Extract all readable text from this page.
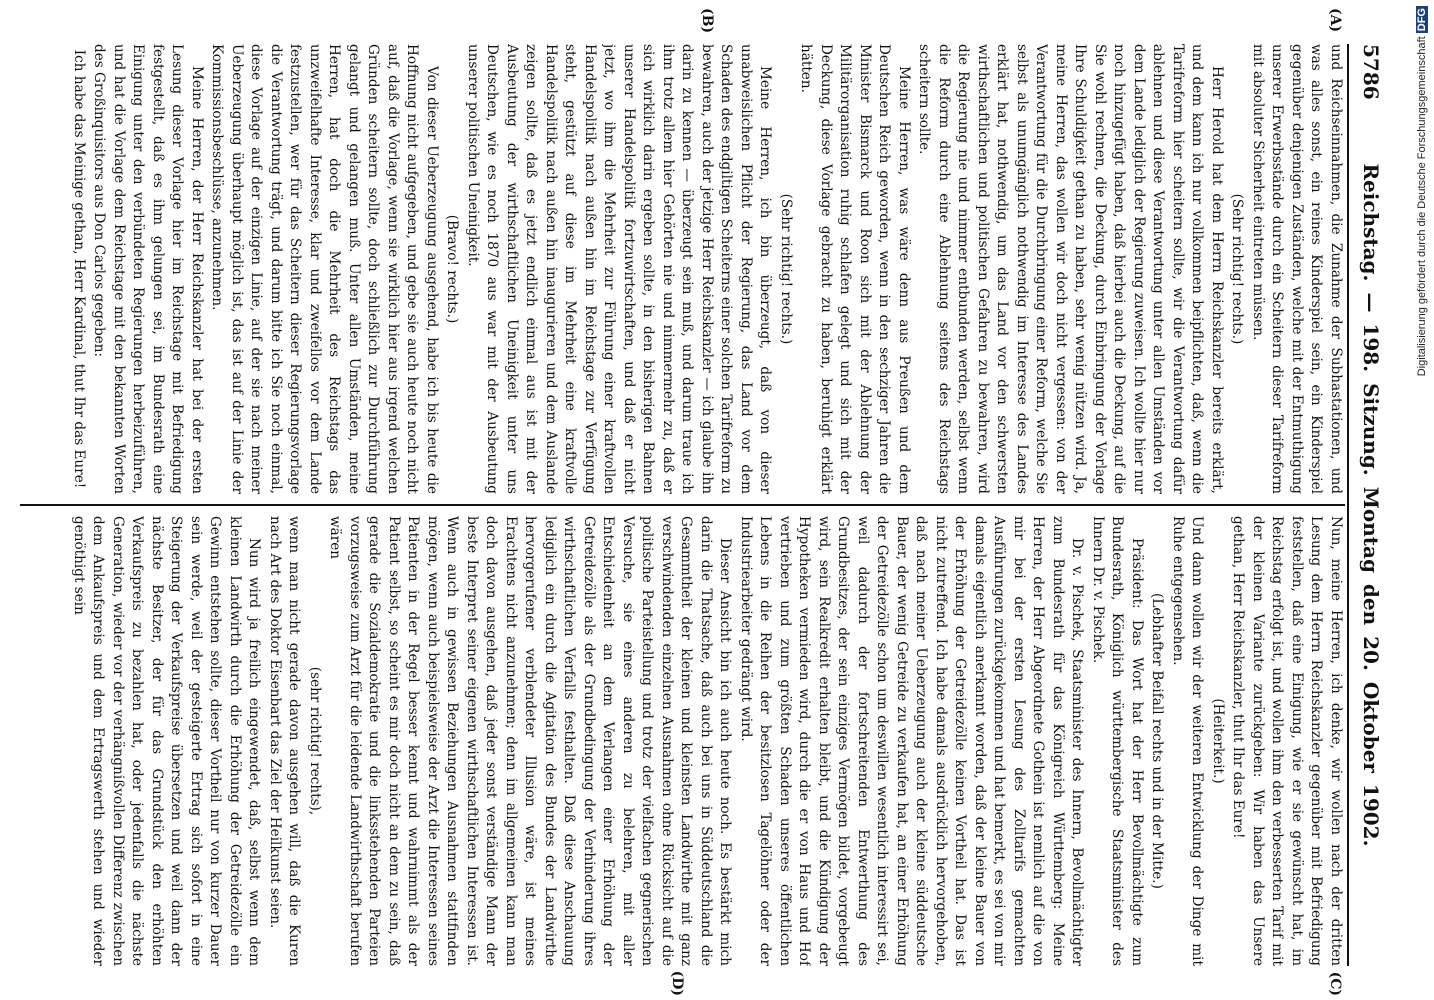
5786
Reichstag. — 198. Sitzung. Montag den 20. Oktober 1902.
(A)
(B)
(C)
(D)

und Reichseinnahmen, die Zunahme der Subhastationen, und was alles sonst, ein reines Kinderspiel sein, ein Kinderspiel gegenüber denjenigen Zuständen, welche mit der Entmuthigung unserer Erwerbsstände durch ein Scheitern dieser Tarifreform mit absoluter Sicherheit eintreten müssen.

(Sehr richtig! rechts.)

Herr Herold hat dem Herrn Reichskanzler bereits erklärt, und dem kann ich nur vollkommen beipflichten, daß, wenn die Tarifreform hier scheitern sollte, wir die Verantwortung dafür ablehnen und diese Verantwortung unter allen Umständen vor dem Lande lediglich der Regierung zuweisen. Ich wollte hier nur noch hinzugefügt haben, daß hierbei auch die Deckung, auf die Sie wohl rechnen, die Deckung, durch Einbringung der Vorlage Ihre Schuldigkeit gethan zu haben, sehr wenig nützen wird. Ja, meine Herren, das wollen wir doch nicht vergessen: von der Verantwortung für die Durchbringung einer Reform, welche Sie selbst als unumgänglich nothwendig im Interesse des Landes erklärt hat, nothwendig, um das Land vor den schwersten wirthschaftlichen und politischen Gefahren zu bewahren, wird die Regierung nie und nimmer entbunden werden, selbst wenn die Reform durch eine Ablehnung seitens des Reichstags scheitern sollte.

Meine Herren, was wäre denn aus Preußen und dem Deutschen Reich geworden, wenn in den sechziger Jahren die Minister Bismarck und Roon sich mit der Ablehnung der Militärorganisation ruhig schlafen gelegt und sich mit der Deckung, diese Vorlage gebracht zu haben, beruhigt erklärt hätten.

(Sehr richtig! rechts.)

Meine Herren, ich bin überzeugt, daß von dieser unabweislichen Pflicht der Regierung, das Land vor dem Schaden des endgiltigen Scheiterns einer solchen Tarifreform zu bewahren, auch der jetzige Herr Reichskanzler — ich glaube ihn darin zu kennen — überzeugt sein muß, und darum traue ich ihm trotz allem hier Gehörten nie und nimmermehr zu, daß er sich wirklich darin ergeben sollte, in den bisherigen Bahnen unserer Handelspolitik fortzuwirtschaften, und daß er nicht jetzt, wo ihm die Mehrheit zur Führung einer kraftvollen Handelspolitik nach außen hin im Reichstage zur Verfügung steht, gestützt auf diese im Mehrheit eine kraftvolle Handelspolitik nach außen hin inaugurieren und dem Auslande zeigen sollte, daß es jetzt endlich einmal aus ist mit der Ausbeutung der wirthschaftlichen Uneinigkeit unter uns Deutschen, wie es noch 1870 aus war mit der Ausbeutung unserer politischen Uneinigkeit.

(Bravo! rechts.)

Von dieser Ueberzeugung ausgehend, habe ich bis heute die Hoffnung nicht aufgegeben, und gebe sie auch heute noch nicht auf, daß die Vorlage, wenn sie wirklich hier aus irgend welchen Gründen scheitern sollte, doch schließlich zur Durchführung gelangt und gelangen muß. Unter allen Umständen, meine Herren, hat doch die Mehrheit des Reichstags das unzweifelhafte Interesse, klar und zweifellos vor dem Lande festzustellen, wer für das Scheitern dieser Regierungsvorlage die Verantwortung trägt, und darum bitte ich Sie noch einmal, diese Vorlage auf der einzigen Linie, auf der sie nach meiner Ueberzeugung überhaupt möglich ist, das ist auf der Linie der Kommissionsbeschlüsse, anzunehmen.

Meine Herren, der Herr Reichskanzler hat bei der ersten Lesung dieser Vorlage hier im Reichstage mit Befriedigung festgestellt, daß es ihm gelungen sei, im Bundesrath eine Einigung unter den verbündeten Regierungen herbeizuführen, und hat die Vorlage dem Reichstage mit den bekannten Worten des Großinquisitors aus Don Carlos gegeben:

Ich habe das Meinige gethan, Herr Kardinal, thut Ihr das Eure!

Nun, meine Herren, ich denke, wir wollen nach der dritten Lesung dem Herrn Reichskanzler gegenüber mit Befriedigung feststellen, daß eine Einigung, wie er sie gewünscht hat, im Reichstag erfolgt ist, und wollen ihm den verbesserten Tarif mit der kleinen Variante zurückgeben: Wir haben das Unsere gethan, Herr Reichskanzler, thut Ihr das Eure!

(Heiterkeit.)

Und dann wollen wir der weiteren Entwicklung der Dinge mit Ruhe entgegensehen.

(Lebhafter Beifall rechts und in der Mitte.)

Präsident: Das Wort hat der Herr Bevollmächtigte zum Bundesrath, Königlich württembergische Staatsminister des Innern Dr. v. Pischek.

Dr. v. Pischek, Staatsminister des Innern, Bevollmächtigter zum Bundesrath für das Königreich Württemberg: Meine Herren, der Herr Abgeordnete Gothein ist nemlich auf die von mir bei der ersten Lesung des Zolltarifs gemachten Ausführungen zurückgekommen und hat bemerkt, es sei von mir damals eigentlich anerkannt worden, daß der kleine Bauer von der Erhöhung der Getreidezölle keinen Vortheil hat. Das ist nicht zutreffend. Ich habe damals ausdrücklich hervorgehoben, daß nach meiner Ueberzeugung auch der kleine süddeutsche Bauer, der wenig Getreide zu verkaufen hat, an einer Erhöhung der Getreidezölle schon um deswillen wesentlich interessirt sei, weil dadurch der fortschreitenden Entwerthung des Grundbesitzes, der sein einziges Vermögen bildet, vorgebeugt wird, sein Realkredit erhalten bleibt, und die Kündigung der Hypotheken vermieden wird, durch die er von Haus und Hof vertrieben und zum größten Schaden unseres öffentlichen Lebens in die Reihen der besitzlosen Tagelöhner oder der Industriearbeiter gedrängt wird.

Dieser Ansicht bin ich auch heute noch. Es bestärkt mich darin die Thatsache, daß auch bei uns in Süddeutschland die Gesammtheit der kleinen und kleinsten Landwirthe mit ganz verschwindenden einzelnen Ausnahmen ohne Rücksicht auf die politische Parteistellung und trotz der vielfachen gegnerischen Versuche, sie eines anderen zu belehren, mit aller Entschiedenheit an dem Verlangen einer Erhöhung der Getreidezölle als der Grundbedingung der Verhinderung ihres wirthschaftlichen Verfalls festhalten. Daß diese Anschauung lediglich ein durch die Agitation des Bundes der Landwirthe hervorgerufener verblendeter Illusion wäre, ist meines Erachtens nicht anzunehmen; denn im allgemeinen kann man doch davon ausgehen, daß jeder sonst verständige Mann der beste Interpret seiner eigenen wirthschaftlichen Interessen ist. Wenn auch in gewissen Beziehungen Ausnahmen stattfinden mögen, wenn auch beispielsweise der Arzt die Interessen seines Patienten in der Regel besser kennt und wahrnimmt als der Patient selbst, so scheint es mir doch nicht an dem zu sein, daß gerade die Sozialdemokratie und die linksstehenden Parteien vorzugsweise zum Arzt für die leidende Landwirthschaft berufen wären

(sehr richtig! rechts),

wenn man nicht gerade davon ausgehen will, daß die Kuren nach Art des Doktor Eisenbart das Ziel der Heilkunst seien.

Nun wird ja freilich eingewendet, daß, selbst wenn dem kleinen Landwirth durch die Erhöhung der Getreidezölle ein Gewinn entstehen sollte, dieser Vortheil nur von kurzer Dauer sein werde, weil der gesteigerte Ertrag sich sofort in eine Steigerung der Verkaufspreise übersetzen und weil dann der nächste Besitzer, der für das Grundstück den erhöhten Verkaufspreis zu bezahlen hat, oder jedenfalls die nächste Generation, wieder vor der verhängnißvollen Differenz zwischen dem Ankaufspreis und dem Ertragswerth stehen und wieder genöthigt sein

Digitalisierung gefördert durch die Deutsche Forschungsgemeinschaft DFG
